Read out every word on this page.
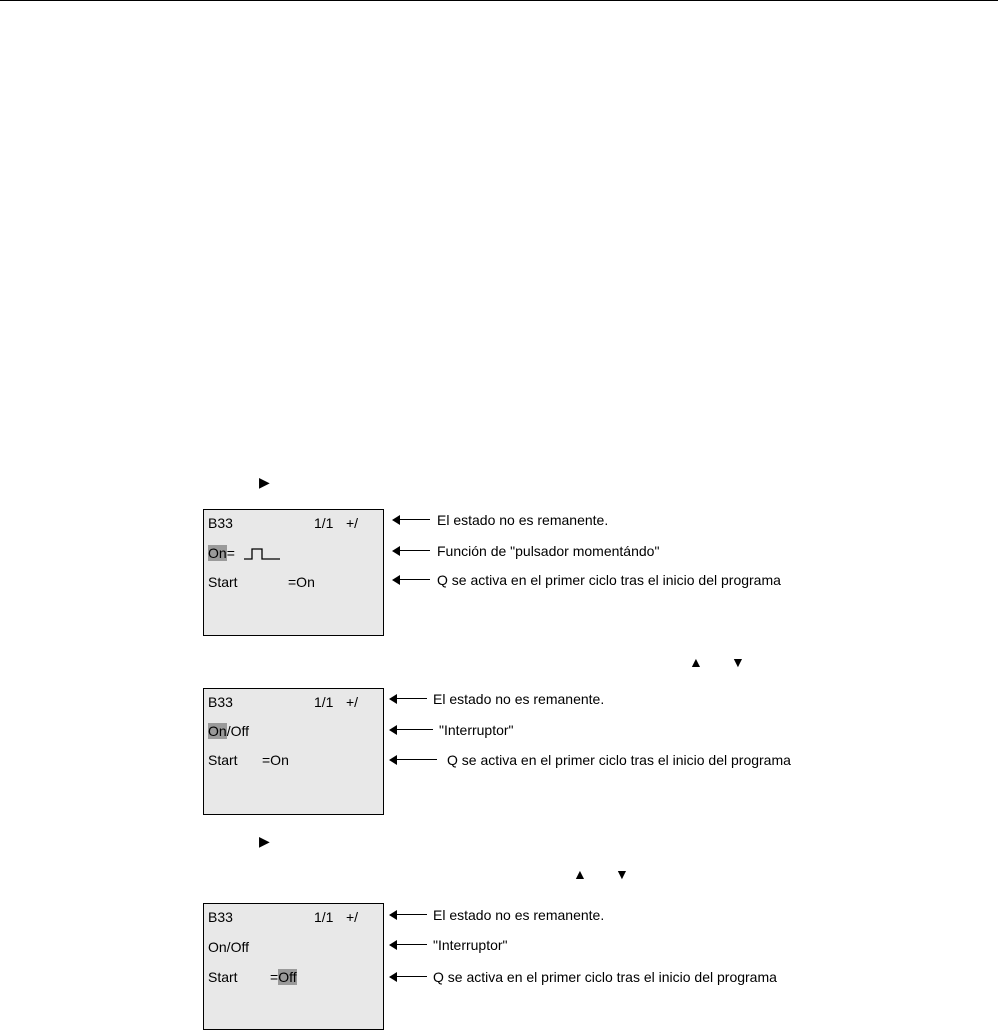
▶
▲ ▼
▶
▲ ▼
B33	1/1 +/
On=
Start	=On
El estado no es remanente.
Función de "pulsador momentándo"
Q se activa en el primer ciclo tras el inicio del programa
B33	1/1 +/
On/Off
Start =On
El estado no es remanente.
"Interruptor"
Q se activa en el primer ciclo tras el inicio del programa
B33	1/1 +/
On/Off
Start =Off
El estado no es remanente.
"Interruptor"
Q se activa en el primer ciclo tras el inicio del programa
